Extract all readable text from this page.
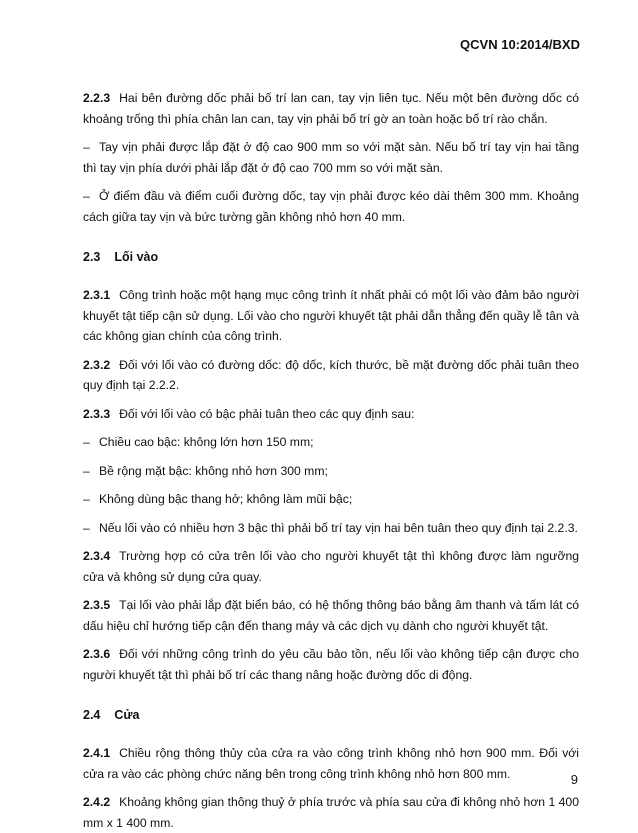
QCVN 10:2014/BXD

2.2.3 Hai bên đường dốc phải bố trí lan can, tay vịn liên tục. Nếu một bên đường dốc có khoảng trống thì phía chân lan can, tay vịn phải bố trí gờ an toàn hoặc bố trí rào chắn.

– Tay vịn phải được lắp đặt ở độ cao 900 mm so với mặt sàn. Nếu bố trí tay vịn hai tầng thì tay vịn phía dưới phải lắp đặt ở độ cao 700 mm so với mặt sàn.

– Ở điểm đầu và điểm cuối đường dốc, tay vịn phải được kéo dài thêm 300 mm. Khoảng cách giữa tay vịn và bức tường gần không nhỏ hơn 40 mm.

2.3 Lối vào

2.3.1 Công trình hoặc một hạng mục công trình ít nhất phải có một lối vào đảm bảo người khuyết tật tiếp cận sử dụng. Lối vào cho người khuyết tật phải dẫn thẳng đến quầy lễ tân và các không gian chính của công trình.

2.3.2 Đối với lối vào có đường dốc: độ dốc, kích thước, bề mặt đường dốc phải tuân theo quy định tại 2.2.2.

2.3.3 Đối với lối vào có bậc phải tuân theo các quy định sau:

– Chiều cao bậc: không lớn hơn 150 mm;

– Bề rộng mặt bậc: không nhỏ hơn 300 mm;

– Không dùng bậc thang hở; không làm mũi bậc;

– Nếu lối vào có nhiều hơn 3 bậc thì phải bố trí tay vịn hai bên tuân theo quy định tại 2.2.3.

2.3.4 Trường hợp có cửa trên lối vào cho người khuyết tật thì không được làm ngưỡng cửa và không sử dụng cửa quay.

2.3.5 Tại lối vào phải lắp đặt biển báo, có hệ thống thông báo bằng âm thanh và tấm lát có dấu hiệu chỉ hướng tiếp cận đến thang máy và các dịch vụ dành cho người khuyết tật.

2.3.6 Đối với những công trình do yêu cầu bảo tồn, nếu lối vào không tiếp cận được cho người khuyết tật thì phải bố trí các thang nâng hoặc đường dốc di động.

2.4 Cửa

2.4.1 Chiều rộng thông thủy của cửa ra vào công trình không nhỏ hơn 900 mm. Đối với cửa ra vào các phòng chức năng bên trong công trình không nhỏ hơn 800 mm.

2.4.2 Khoảng không gian thông thuỷ ở phía trước và phía sau cửa đi không nhỏ hơn 1 400 mm x 1 400 mm.

9
